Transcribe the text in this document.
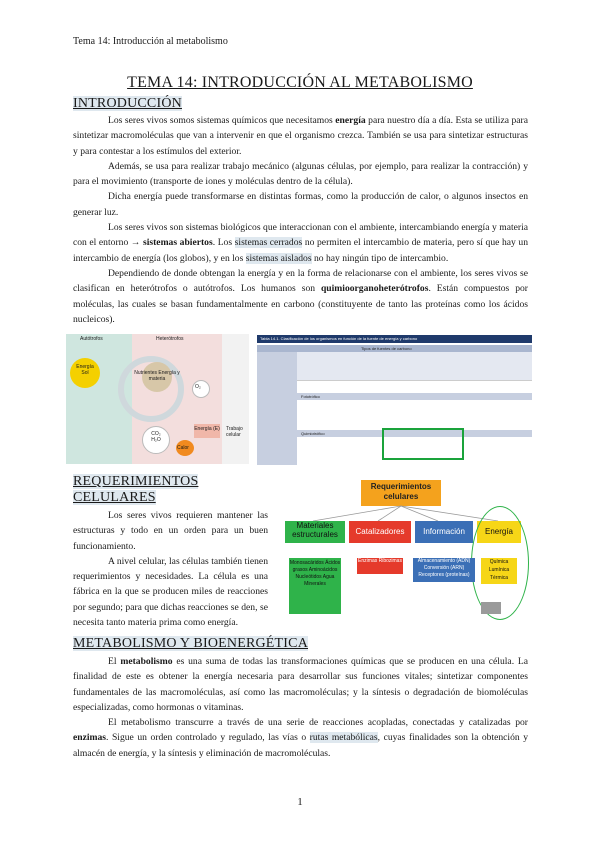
Tema 14: Introducción al metabolismo
TEMA 14: INTRODUCCIÓN AL METABOLISMO
INTRODUCCIÓN

Los seres vivos somos sistemas químicos que necesitamos energía para nuestro día a día. Esta se utiliza para sintetizar macromoléculas que van a intervenir en que el organismo crezca. También se usa para sintetizar estructuras y para contestar a los estímulos del exterior.

Además, se usa para realizar trabajo mecánico (algunas células, por ejemplo, para realizar la contracción) y para el movimiento (transporte de iones y moléculas dentro de la célula).

Dicha energía puede transformarse en distintas formas, como la producción de calor, o algunos insectos en generar luz.

Los seres vivos son sistemas biológicos que interaccionan con el ambiente, intercambiando energía y materia con el entorno → sistemas abiertos. Los sistemas cerrados no permiten el intercambio de materia, pero sí que hay un intercambio de energía (los globos), y en los sistemas aislados no hay ningún tipo de intercambio.

Dependiendo de donde obtengan la energía y en la forma de relacionarse con el ambiente, los seres vivos se clasifican en heterótrofos o autótrofos. Los humanos son quimioorganoheterótrofos. Están compuestos por moléculas, las cuales se basan fundamentalmente en carbono (constituyente de tanto las proteínas como los ácidos nucleicos).

Autótrofos	Heterótrofos
Energía Sol	Nutrientes Energía y materia
O₂
CO₂ H₂O
Energía (E)
Calor
Trabajo celular
Tabla 14.1. Clasificación de los organismos en función de la fuente de energía y carbono
Tipos de fuentes de carbono
Fototrófico
Quimiotrófico
REQUERIMIENTOS CELULARES

Los seres vivos requieren mantener las estructuras y todo en un orden para un buen funcionamiento.

A nivel celular, las células también tienen requerimientos y necesidades. La célula es una fábrica en la que se producen miles de reacciones por segundo; para que dichas reacciones se den, se necesita tanto materia prima como energía.

Requerimientos celulares
Materiales estructurales	Catalizadores	Información	Energía
Monosacáridos Ácidos grasos Aminoácidos Nucleótidos Agua Minerales
Enzimas Ribozimas	Almacenamiento (ADN) Conversión (ARN) Receptores (proteínas)
Química Lumínica Térmica
METABOLISMO Y BIOENERGÉTICA

El metabolismo es una suma de todas las transformaciones químicas que se producen en una célula. La finalidad de este es obtener la energía necesaria para desarrollar sus funciones vitales; sintetizar componentes fundamentales de las macromoléculas, así como las macromoléculas; y la síntesis o degradación de biomoléculas especializadas, como hormonas o vitaminas.

El metabolismo transcurre a través de una serie de reacciones acopladas, conectadas y catalizadas por enzimas. Sigue un orden controlado y regulado, las vías o rutas metabólicas, cuyas finalidades son la obtención y almacén de energía, y la síntesis y eliminación de macromoléculas.

1
